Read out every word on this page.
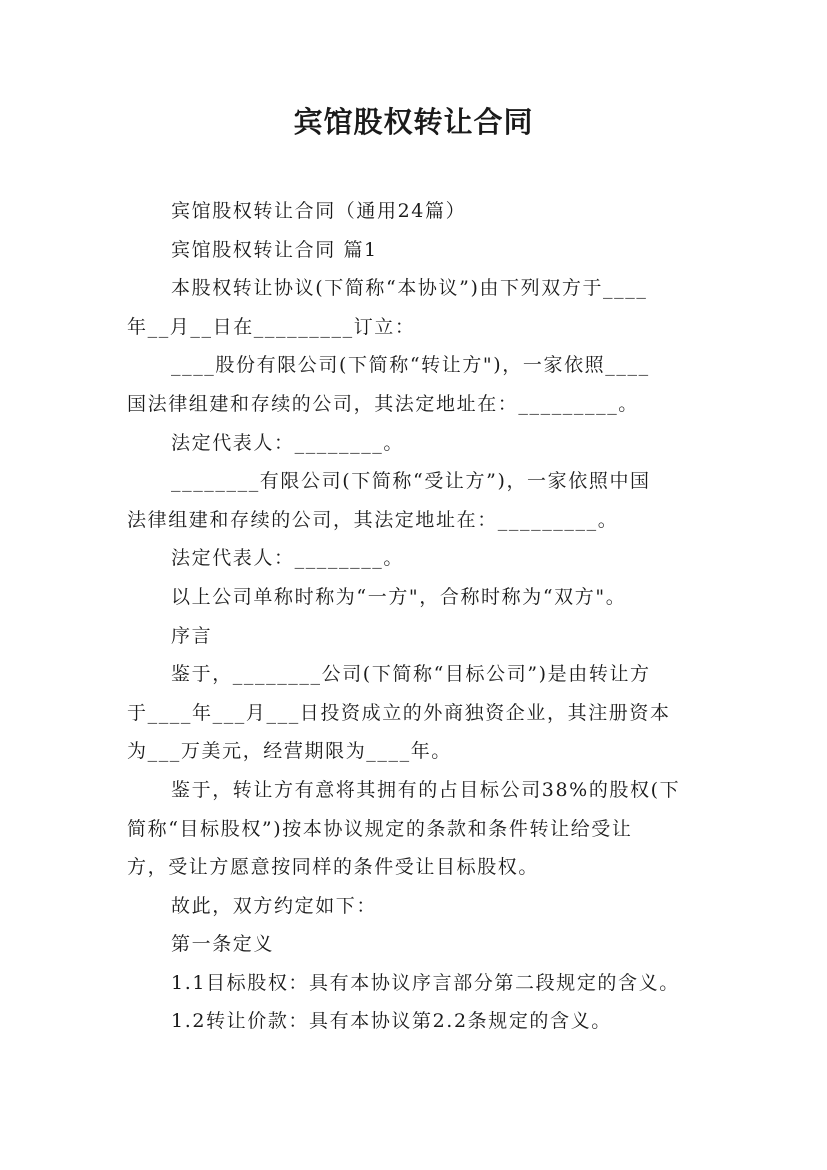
宾馆股权转让合同

宾馆股权转让合同（通用24篇）

宾馆股权转让合同 篇1

本股权转让协议(下简称“本协议”)由下列双方于____

年__月__日在_________订立：

____股份有限公司(下简称“转让方")，一家依照____

国法律组建和存续的公司，其法定地址在：_________。

法定代表人：________。

________有限公司(下简称“受让方”)，一家依照中国

法律组建和存续的公司，其法定地址在：_________。

法定代表人：________。

以上公司单称时称为“一方"，合称时称为“双方"。

序言

鉴于，________公司(下简称“目标公司”)是由转让方

于____年___月___日投资成立的外商独资企业，其注册资本

为___万美元，经营期限为____年。

鉴于，转让方有意将其拥有的占目标公司38%的股权(下

简称“目标股权”)按本协议规定的条款和条件转让给受让

方，受让方愿意按同样的条件受让目标股权。

故此，双方约定如下：

第一条定义

1.1目标股权：具有本协议序言部分第二段规定的含义。

1.2转让价款：具有本协议第2.2条规定的含义。
